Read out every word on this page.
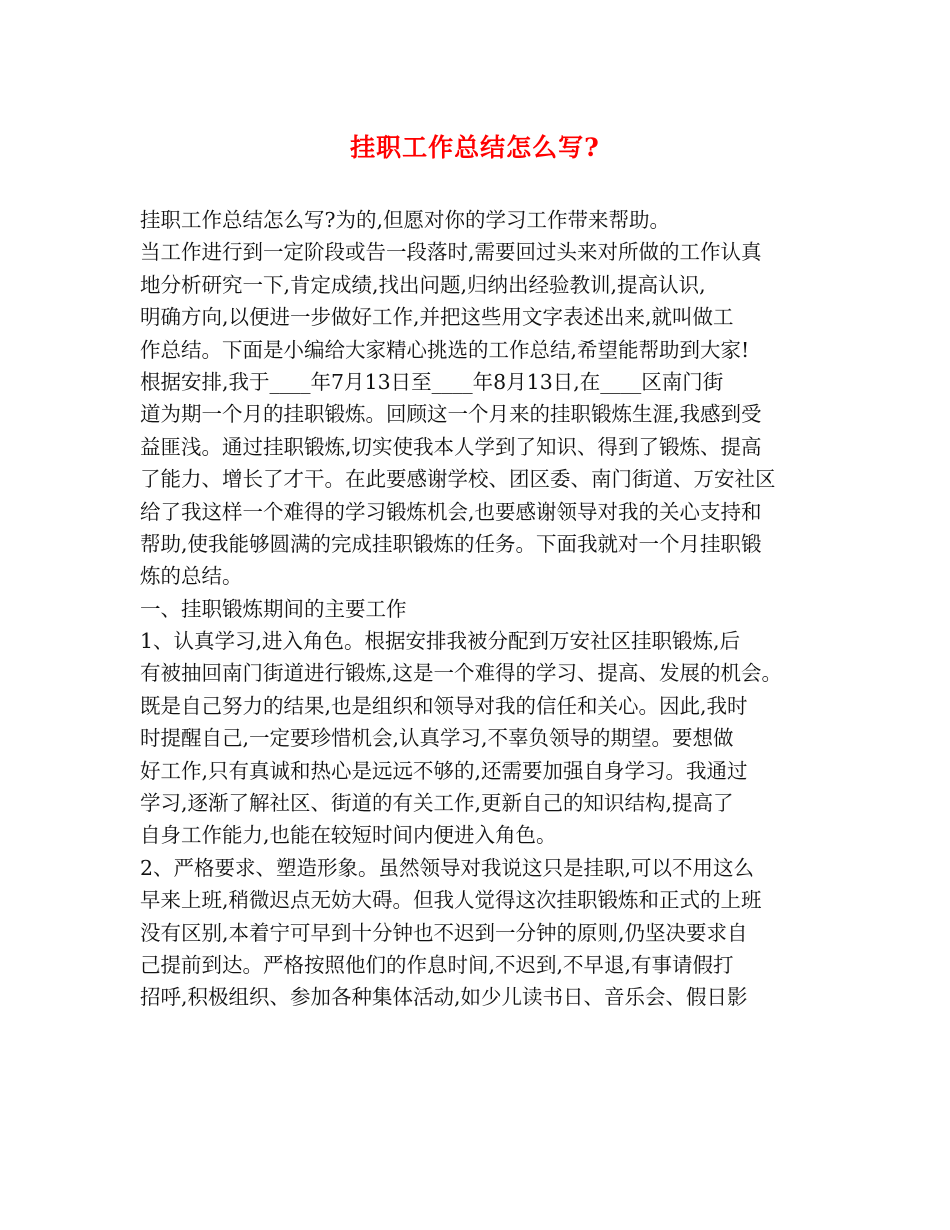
挂职工作总结怎么写?
挂职工作总结怎么写?为的,但愿对你的学习工作带来帮助。
当工作进行到一定阶段或告一段落时,需要回过头来对所做的工作认真
地分析研究一下,肯定成绩,找出问题,归纳出经验教训,提高认识,
明确方向,以便进一步做好工作,并把这些用文字表述出来,就叫做工
作总结。下面是小编给大家精心挑选的工作总结,希望能帮助到大家!
根据安排,我于____年7月13日至____年8月13日,在____区南门街
道为期一个月的挂职锻炼。回顾这一个月来的挂职锻炼生涯,我感到受
益匪浅。通过挂职锻炼,切实使我本人学到了知识、得到了锻炼、提高
了能力、增长了才干。在此要感谢学校、团区委、南门街道、万安社区
给了我这样一个难得的学习锻炼机会,也要感谢领导对我的关心支持和
帮助,使我能够圆满的完成挂职锻炼的任务。下面我就对一个月挂职锻
炼的总结。
一、挂职锻炼期间的主要工作
1、认真学习,进入角色。根据安排我被分配到万安社区挂职锻炼,后
有被抽回南门街道进行锻炼,这是一个难得的学习、提高、发展的机会。
既是自己努力的结果,也是组织和领导对我的信任和关心。因此,我时
时提醒自己,一定要珍惜机会,认真学习,不辜负领导的期望。要想做
好工作,只有真诚和热心是远远不够的,还需要加强自身学习。我通过
学习,逐渐了解社区、街道的有关工作,更新自己的知识结构,提高了
自身工作能力,也能在较短时间内便进入角色。
2、严格要求、塑造形象。虽然领导对我说这只是挂职,可以不用这么
早来上班,稍微迟点无妨大碍。但我人觉得这次挂职锻炼和正式的上班
没有区别,本着宁可早到十分钟也不迟到一分钟的原则,仍坚决要求自
己提前到达。严格按照他们的作息时间,不迟到,不早退,有事请假打
招呼,积极组织、参加各种集体活动,如少儿读书日、音乐会、假日影
